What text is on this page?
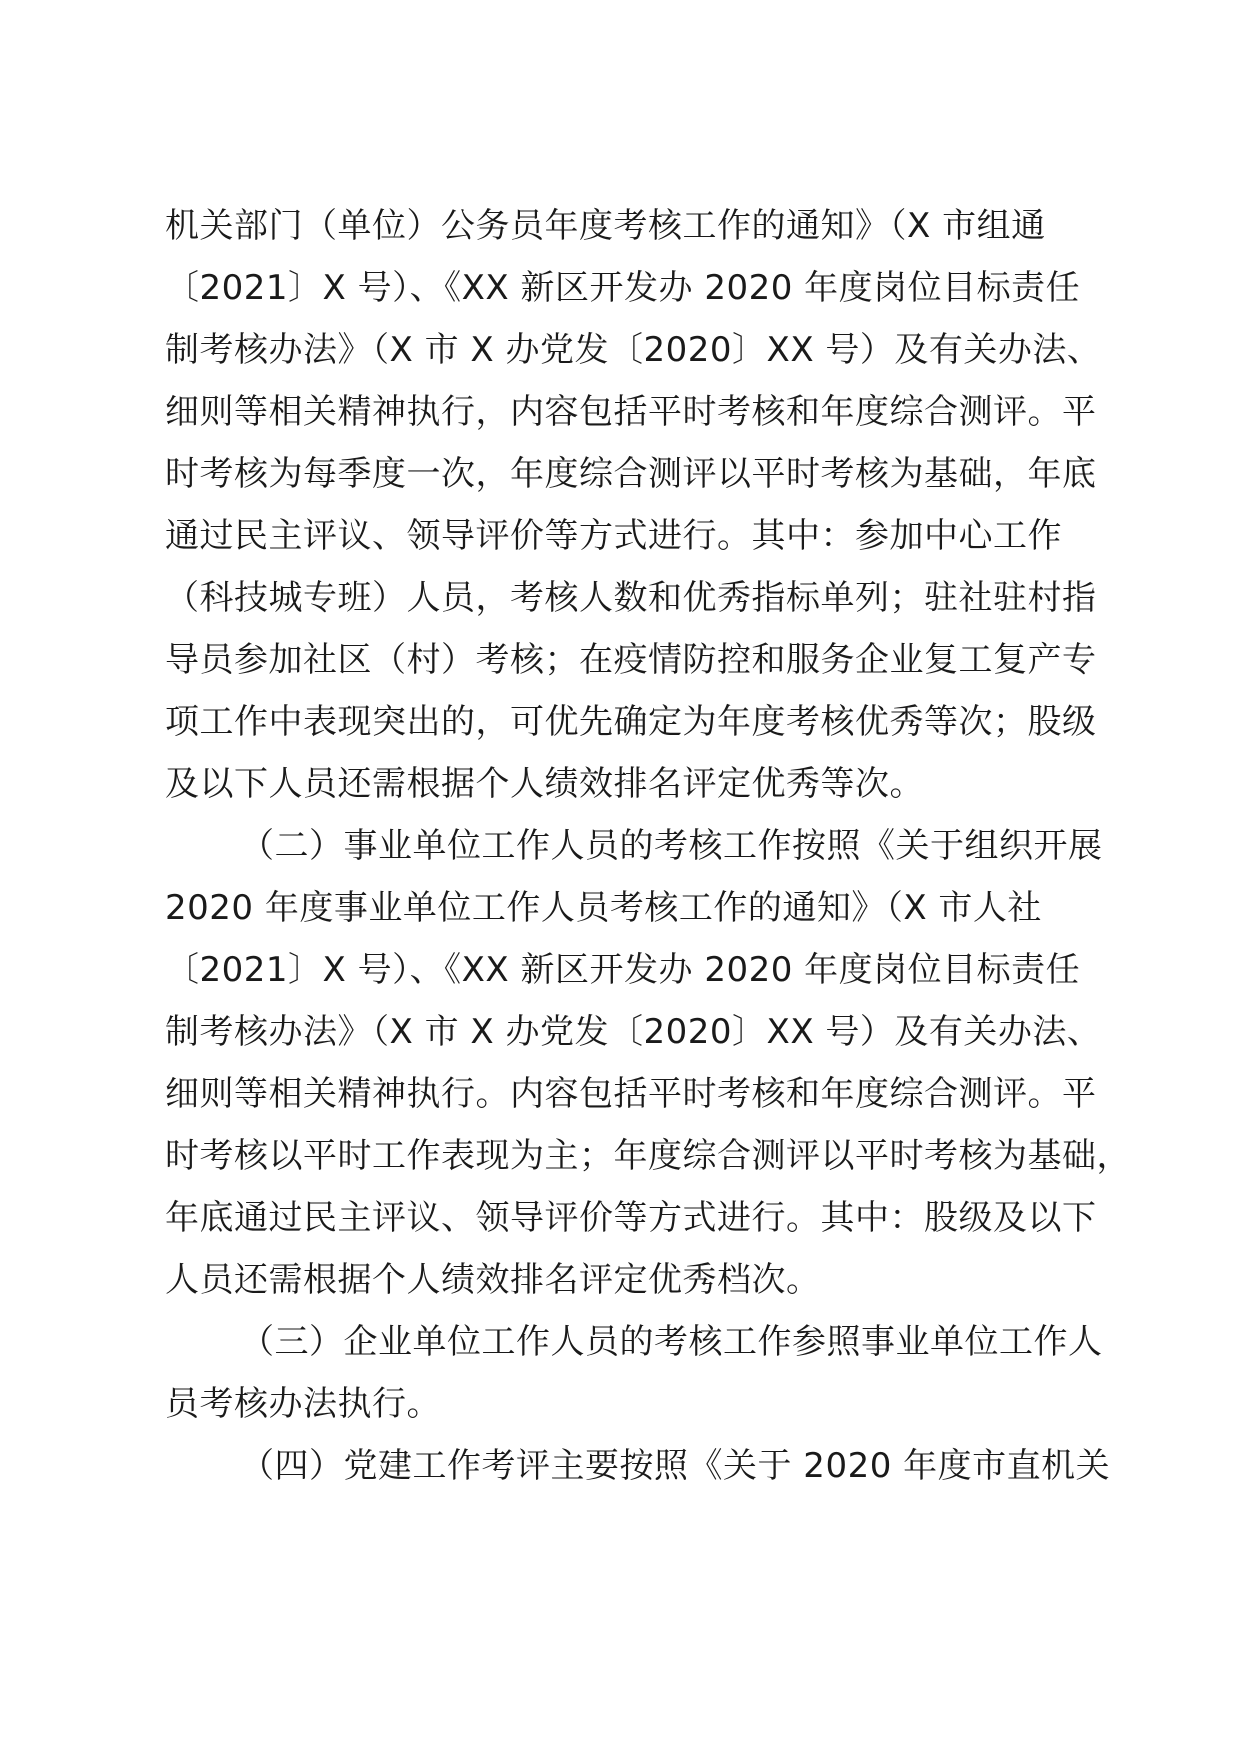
机关部门（单位）公务员年度考核工作的通知》（X 市组通
〔2021〕X 号）、《XX 新区开发办 2020 年度岗位目标责任
制考核办法》（X 市 X 办党发〔2020〕XX 号）及有关办法、
细则等相关精神执行，内容包括平时考核和年度综合测评。平
时考核为每季度一次，年度综合测评以平时考核为基础，年底
通过民主评议、领导评价等方式进行。其中：参加中心工作
（科技城专班）人员，考核人数和优秀指标单列；驻社驻村指
导员参加社区（村）考核；在疫情防控和服务企业复工复产专
项工作中表现突出的，可优先确定为年度考核优秀等次；股级
及以下人员还需根据个人绩效排名评定优秀等次。
（二）事业单位工作人员的考核工作按照《关于组织开展
2020 年度事业单位工作人员考核工作的通知》（X 市人社
〔2021〕X 号）、《XX 新区开发办 2020 年度岗位目标责任
制考核办法》（X 市 X 办党发〔2020〕XX 号）及有关办法、
细则等相关精神执行。内容包括平时考核和年度综合测评。平
时考核以平时工作表现为主；年度综合测评以平时考核为基础，
年底通过民主评议、领导评价等方式进行。其中：股级及以下
人员还需根据个人绩效排名评定优秀档次。
（三）企业单位工作人员的考核工作参照事业单位工作人
员考核办法执行。
（四）党建工作考评主要按照《关于 2020 年度市直机关
